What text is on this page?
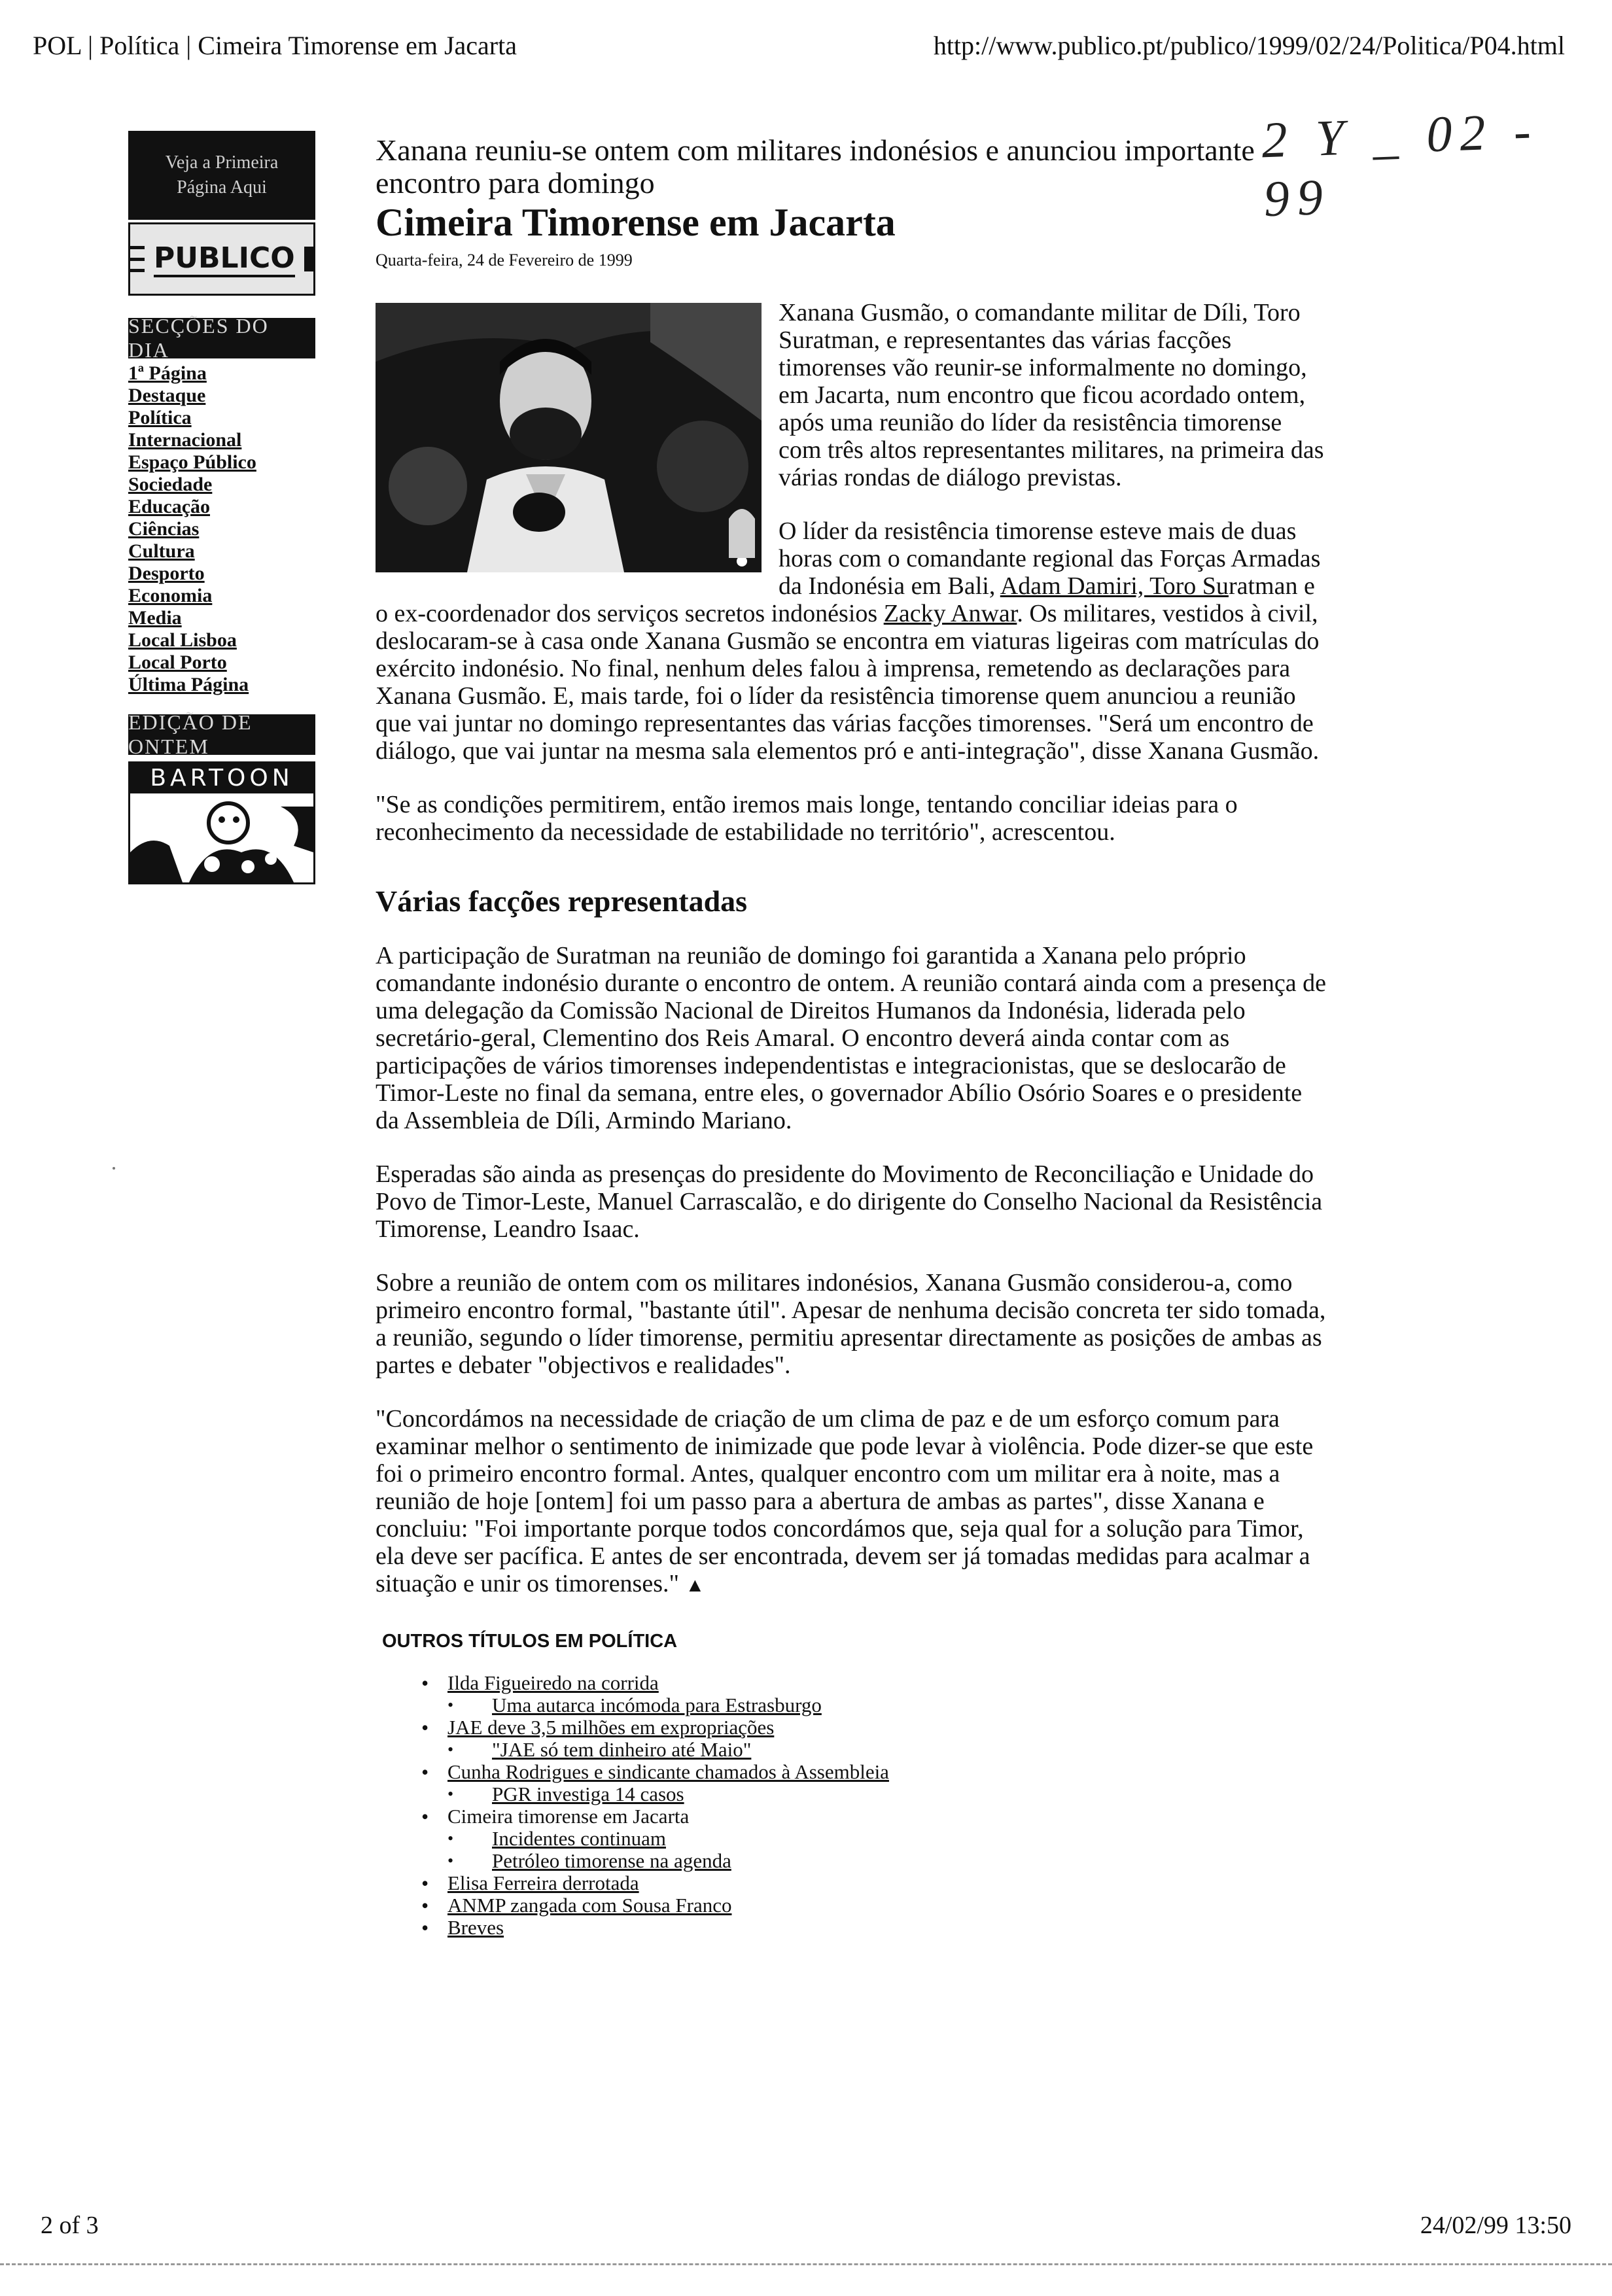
POL | Política | Cimeira Timorense em Jacarta	http://www.publico.pt/publico/1999/02/24/Politica/P04.html
2 Y _ 02 - 99
Veja a Primeira
Página Aqui
PUBLICO
SECÇÕES DO DIA
1ª Página
Destaque
Política
Internacional
Espaço Público
Sociedade
Educação
Ciências
Cultura
Desporto
Economia
Media
Local Lisboa
Local Porto
Última Página
EDIÇÃO DE ONTEM
BARTOON
Xanana reuniu-se ontem com militares indonésios e anunciou importante encontro para domingo
Cimeira Timorense em Jacarta
Quarta-feira, 24 de Fevereiro de 1999

Xanana Gusmão, o comandante militar de Díli, Toro Suratman, e representantes das várias facções timorenses vão reunir-se informalmente no domingo, em Jacarta, num encontro que ficou acordado ontem, após uma reunião do líder da resistência timorense com três altos representantes militares, na primeira das várias rondas de diálogo previstas.

O líder da resistência timorense esteve mais de duas horas com o comandante regional das Forças Armadas da Indonésia em Bali, Adam Damiri, Toro Suratman e o ex-coordenador dos serviços secretos indonésios Zacky Anwar. Os militares, vestidos à civil, deslocaram-se à casa onde Xanana Gusmão se encontra em viaturas ligeiras com matrículas do exército indonésio. No final, nenhum deles falou à imprensa, remetendo as declarações para Xanana Gusmão. E, mais tarde, foi o líder da resistência timorense quem anunciou a reunião que vai juntar no domingo representantes das várias facções timorenses. "Será um encontro de diálogo, que vai juntar na mesma sala elementos pró e anti-integração", disse Xanana Gusmão.

"Se as condições permitirem, então iremos mais longe, tentando conciliar ideias para o reconhecimento da necessidade de estabilidade no território", acrescentou.

Várias facções representadas

A participação de Suratman na reunião de domingo foi garantida a Xanana pelo próprio comandante indonésio durante o encontro de ontem. A reunião contará ainda com a presença de uma delegação da Comissão Nacional de Direitos Humanos da Indonésia, liderada pelo secretário-geral, Clementino dos Reis Amaral. O encontro deverá ainda contar com as participações de vários timorenses independentistas e integracionistas, que se deslocarão de Timor-Leste no final da semana, entre eles, o governador Abílio Osório Soares e o presidente da Assembleia de Díli, Armindo Mariano.

Esperadas são ainda as presenças do presidente do Movimento de Reconciliação e Unidade do Povo de Timor-Leste, Manuel Carrascalão, e do dirigente do Conselho Nacional da Resistência Timorense, Leandro Isaac.

Sobre a reunião de ontem com os militares indonésios, Xanana Gusmão considerou-a, como primeiro encontro formal, "bastante útil". Apesar de nenhuma decisão concreta ter sido tomada, a reunião, segundo o líder timorense, permitiu apresentar directamente as posições de ambas as partes e debater "objectivos e realidades".

"Concordámos na necessidade de criação de um clima de paz e de um esforço comum para examinar melhor o sentimento de inimizade que pode levar à violência. Pode dizer-se que este foi o primeiro encontro formal. Antes, qualquer encontro com um militar era à noite, mas a reunião de hoje [ontem] foi um passo para a abertura de ambas as partes", disse Xanana e concluiu: "Foi importante porque todos concordámos que, seja qual for a solução para Timor, ela deve ser pacífica. E antes de ser encontrada, devem ser já tomadas medidas para acalmar a situação e unir os timorenses." ▲

OUTROS TÍTULOS EM POLÍTICA
• Ilda Figueiredo na corrida
• Uma autarca incómoda para Estrasburgo
• JAE deve 3,5 milhões em expropriações
• "JAE só tem dinheiro até Maio"
• Cunha Rodrigues e sindicante chamados à Assembleia
• PGR investiga 14 casos
• Cimeira timorense em Jacarta
• Incidentes continuam
• Petróleo timorense na agenda
• Elisa Ferreira derrotada
• ANMP zangada com Sousa Franco
• Breves
2 of 3	24/02/99 13:50
